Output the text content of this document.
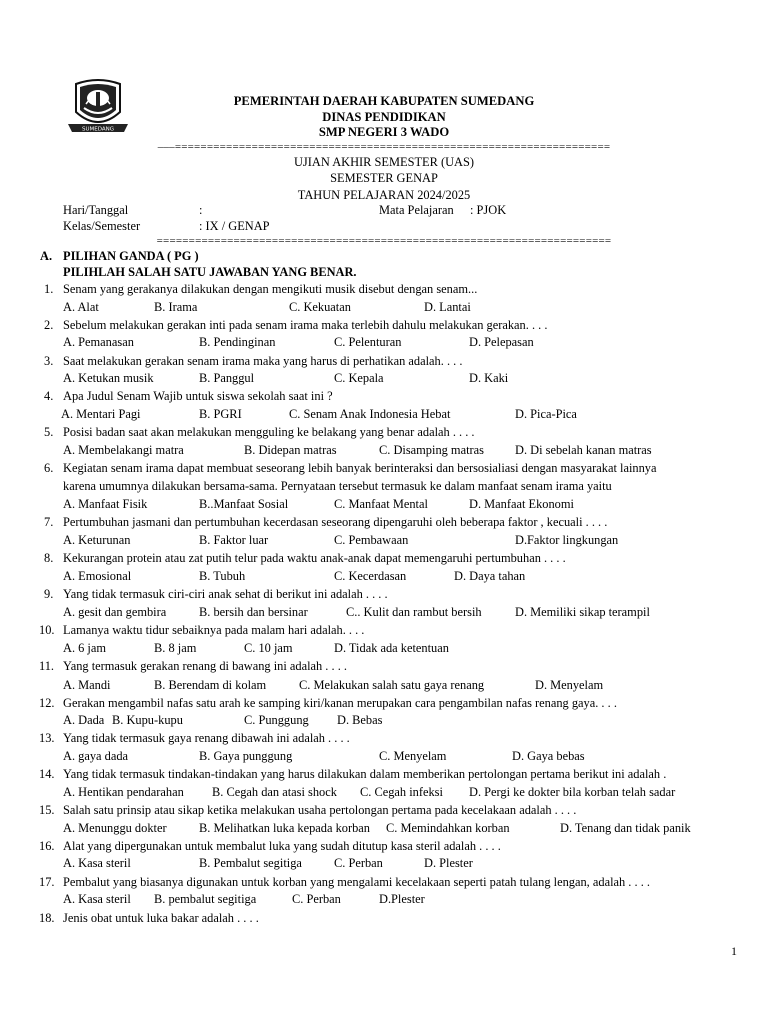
SUMEDANG
PEMERINTAH DAERAH KABUPATEN SUMEDANG
DINAS PENDIDIKAN
SMP NEGERI 3 WADO
–––====================================================================
UJIAN AKHIR SEMESTER (UAS)
SEMESTER GENAP
TAHUN PELAJARAN 2024/2025
Hari/Tanggal	:	Mata Pelajaran : PJOK
Kelas/Semester	: IX / GENAP
=======================================================================
A. PILIHAN GANDA ( PG )
PILIHLAH SALAH SATU JAWABAN YANG BENAR.
1. Senam yang gerakanya dilakukan dengan mengikuti musik disebut dengan senam...
A. Alat	B. Irama	C. Kekuatan	D. Lantai
2. Sebelum melakukan gerakan inti pada senam irama maka terlebih dahulu melakukan gerakan. . . .
A. Pemanasan	B. Pendinginan	C. Pelenturan	D. Pelepasan
3. Saat melakukan gerakan senam irama maka yang harus di perhatikan adalah. . . .
A. Ketukan musik	B. Panggul	C. Kepala	D. Kaki
4. Apa Judul Senam Wajib untuk siswa sekolah saat ini ?
A. Mentari Pagi	B. PGRI	C. Senam Anak Indonesia Hebat	D. Pica-Pica
5. Posisi badan saat akan melakukan mengguling ke belakang yang benar adalah . . . .
A. Membelakangi matra	B. Didepan matras	C. Disamping matras	D. Di sebelah kanan matras
6. Kegiatan senam irama dapat membuat seseorang lebih banyak berinteraksi dan bersosialiasi dengan masyarakat lainnya
karena umumnya dilakukan bersama-sama. Pernyataan tersebut termasuk ke dalam manfaat senam irama yaitu
A. Manfaat Fisik	B..Manfaat Sosial	C. Manfaat Mental	D. Manfaat Ekonomi
7. Pertumbuhan jasmani dan pertumbuhan kecerdasan seseorang dipengaruhi oleh beberapa faktor , kecuali . . . .
A. Keturunan	B. Faktor luar	C. Pembawaan	D.Faktor lingkungan
8. Kekurangan protein atau zat putih telur pada waktu anak-anak dapat memengaruhi pertumbuhan . . . .
A. Emosional	B. Tubuh	C. Kecerdasan	D. Daya tahan
9. Yang tidak termasuk ciri-ciri anak sehat di berikut ini adalah . . . .
A. gesit dan gembira	B. bersih dan bersinar	C.. Kulit dan rambut bersih	D. Memiliki sikap terampil
10. Lamanya waktu tidur sebaiknya pada malam hari adalah. . . .
A. 6 jam	B. 8 jam	C. 10 jam	D. Tidak ada ketentuan
11. Yang termasuk gerakan renang di bawang ini adalah . . . .
A. Mandi	B. Berendam di kolam	C. Melakukan salah satu gaya renang	D. Menyelam
12. Gerakan mengambil nafas satu arah ke samping kiri/kanan merupakan cara pengambilan nafas renang gaya. . . .
A. Dada B. Kupu-kupu	C. Punggung D. Bebas
13. Yang tidak termasuk gaya renang dibawah ini adalah . . . .
A. gaya dada	B. Gaya punggung	C. Menyelam	D. Gaya bebas
14. Yang tidak termasuk tindakan-tindakan yang harus dilakukan dalam memberikan pertolongan pertama berikut ini adalah .
A. Hentikan pendarahan B. Cegah dan atasi shock C. Cegah infeksi D. Pergi ke dokter bila korban telah sadar
15. Salah satu prinsip atau sikap ketika melakukan usaha pertolongan pertama pada kecelakaan adalah . . . .
A. Menunggu dokter	B. Melihatkan luka kepada korban C. Memindahkan korban	D. Tenang dan tidak panik
16. Alat yang dipergunakan untuk membalut luka yang sudah ditutup kasa steril adalah . . . .
A. Kasa steril	B. Pembalut segitiga	C. Perban	D. Plester
17. Pembalut yang biasanya digunakan untuk korban yang mengalami kecelakaan seperti patah tulang lengan, adalah . . . .
A. Kasa steril B. pembalut segitiga	C. Perban	D.Plester
18. Jenis obat untuk luka bakar adalah . . . .
1
